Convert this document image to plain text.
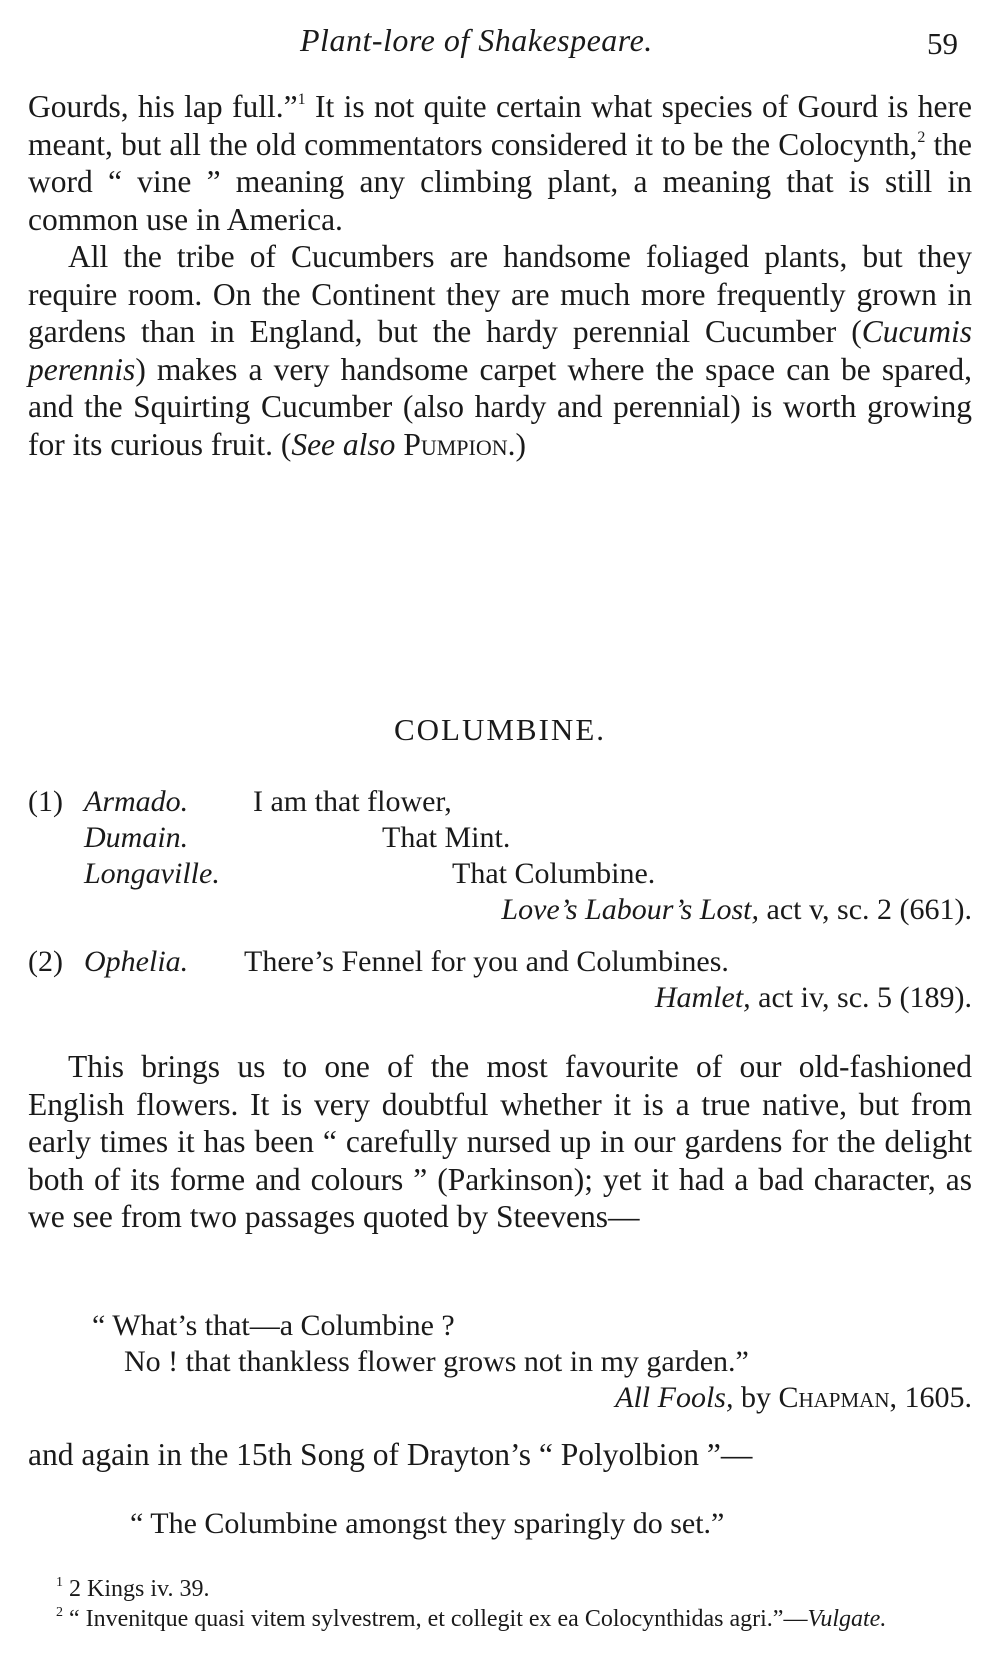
Plant-lore of Shakespeare.	59

Gourds, his lap full.”$^1$ It is not quite certain what species of Gourd is here meant, but all the old commentators considered it to be the Colocynth,$^2$ the word “ vine ” meaning any climbing plant, a meaning that is still in common use in America.

All the tribe of Cucumbers are handsome foliaged plants, but they require room. On the Continent they are much more frequently grown in gardens than in England, but the hardy perennial Cucumber (Cucumis perennis) makes a very handsome carpet where the space can be spared, and the Squirting Cucumber (also hardy and perennial) is worth growing for its curious fruit. (See also Pumpion.)

COLUMBINE.
(1) Armado. I am that flower,
Dumain.	That Mint.
Longaville.	That Columbine.
Love’s Labour’s Lost, act v, sc. 2 (661).
(2) Ophelia. There’s Fennel for you and Columbines.
Hamlet, act iv, sc. 5 (189).

This brings us to one of the most favourite of our old-fashioned English flowers. It is very doubtful whether it is a true native, but from early times it has been “ carefully nursed up in our gardens for the delight both of its forme and colours ” (Parkinson); yet it had a bad character, as we see from two passages quoted by Steevens—

“ What’s that—a Columbine ?
No ! that thankless flower grows not in my garden.”
All Fools, by Chapman, 1605.

and again in the 15th Song of Drayton’s “ Polyolbion ”—

“ The Columbine amongst they sparingly do set.”
$^1$ 2 Kings iv. 39.
$^2$ “ Invenitque quasi vitem sylvestrem, et collegit ex ea Colocynthidas agri.”—Vulgate.
